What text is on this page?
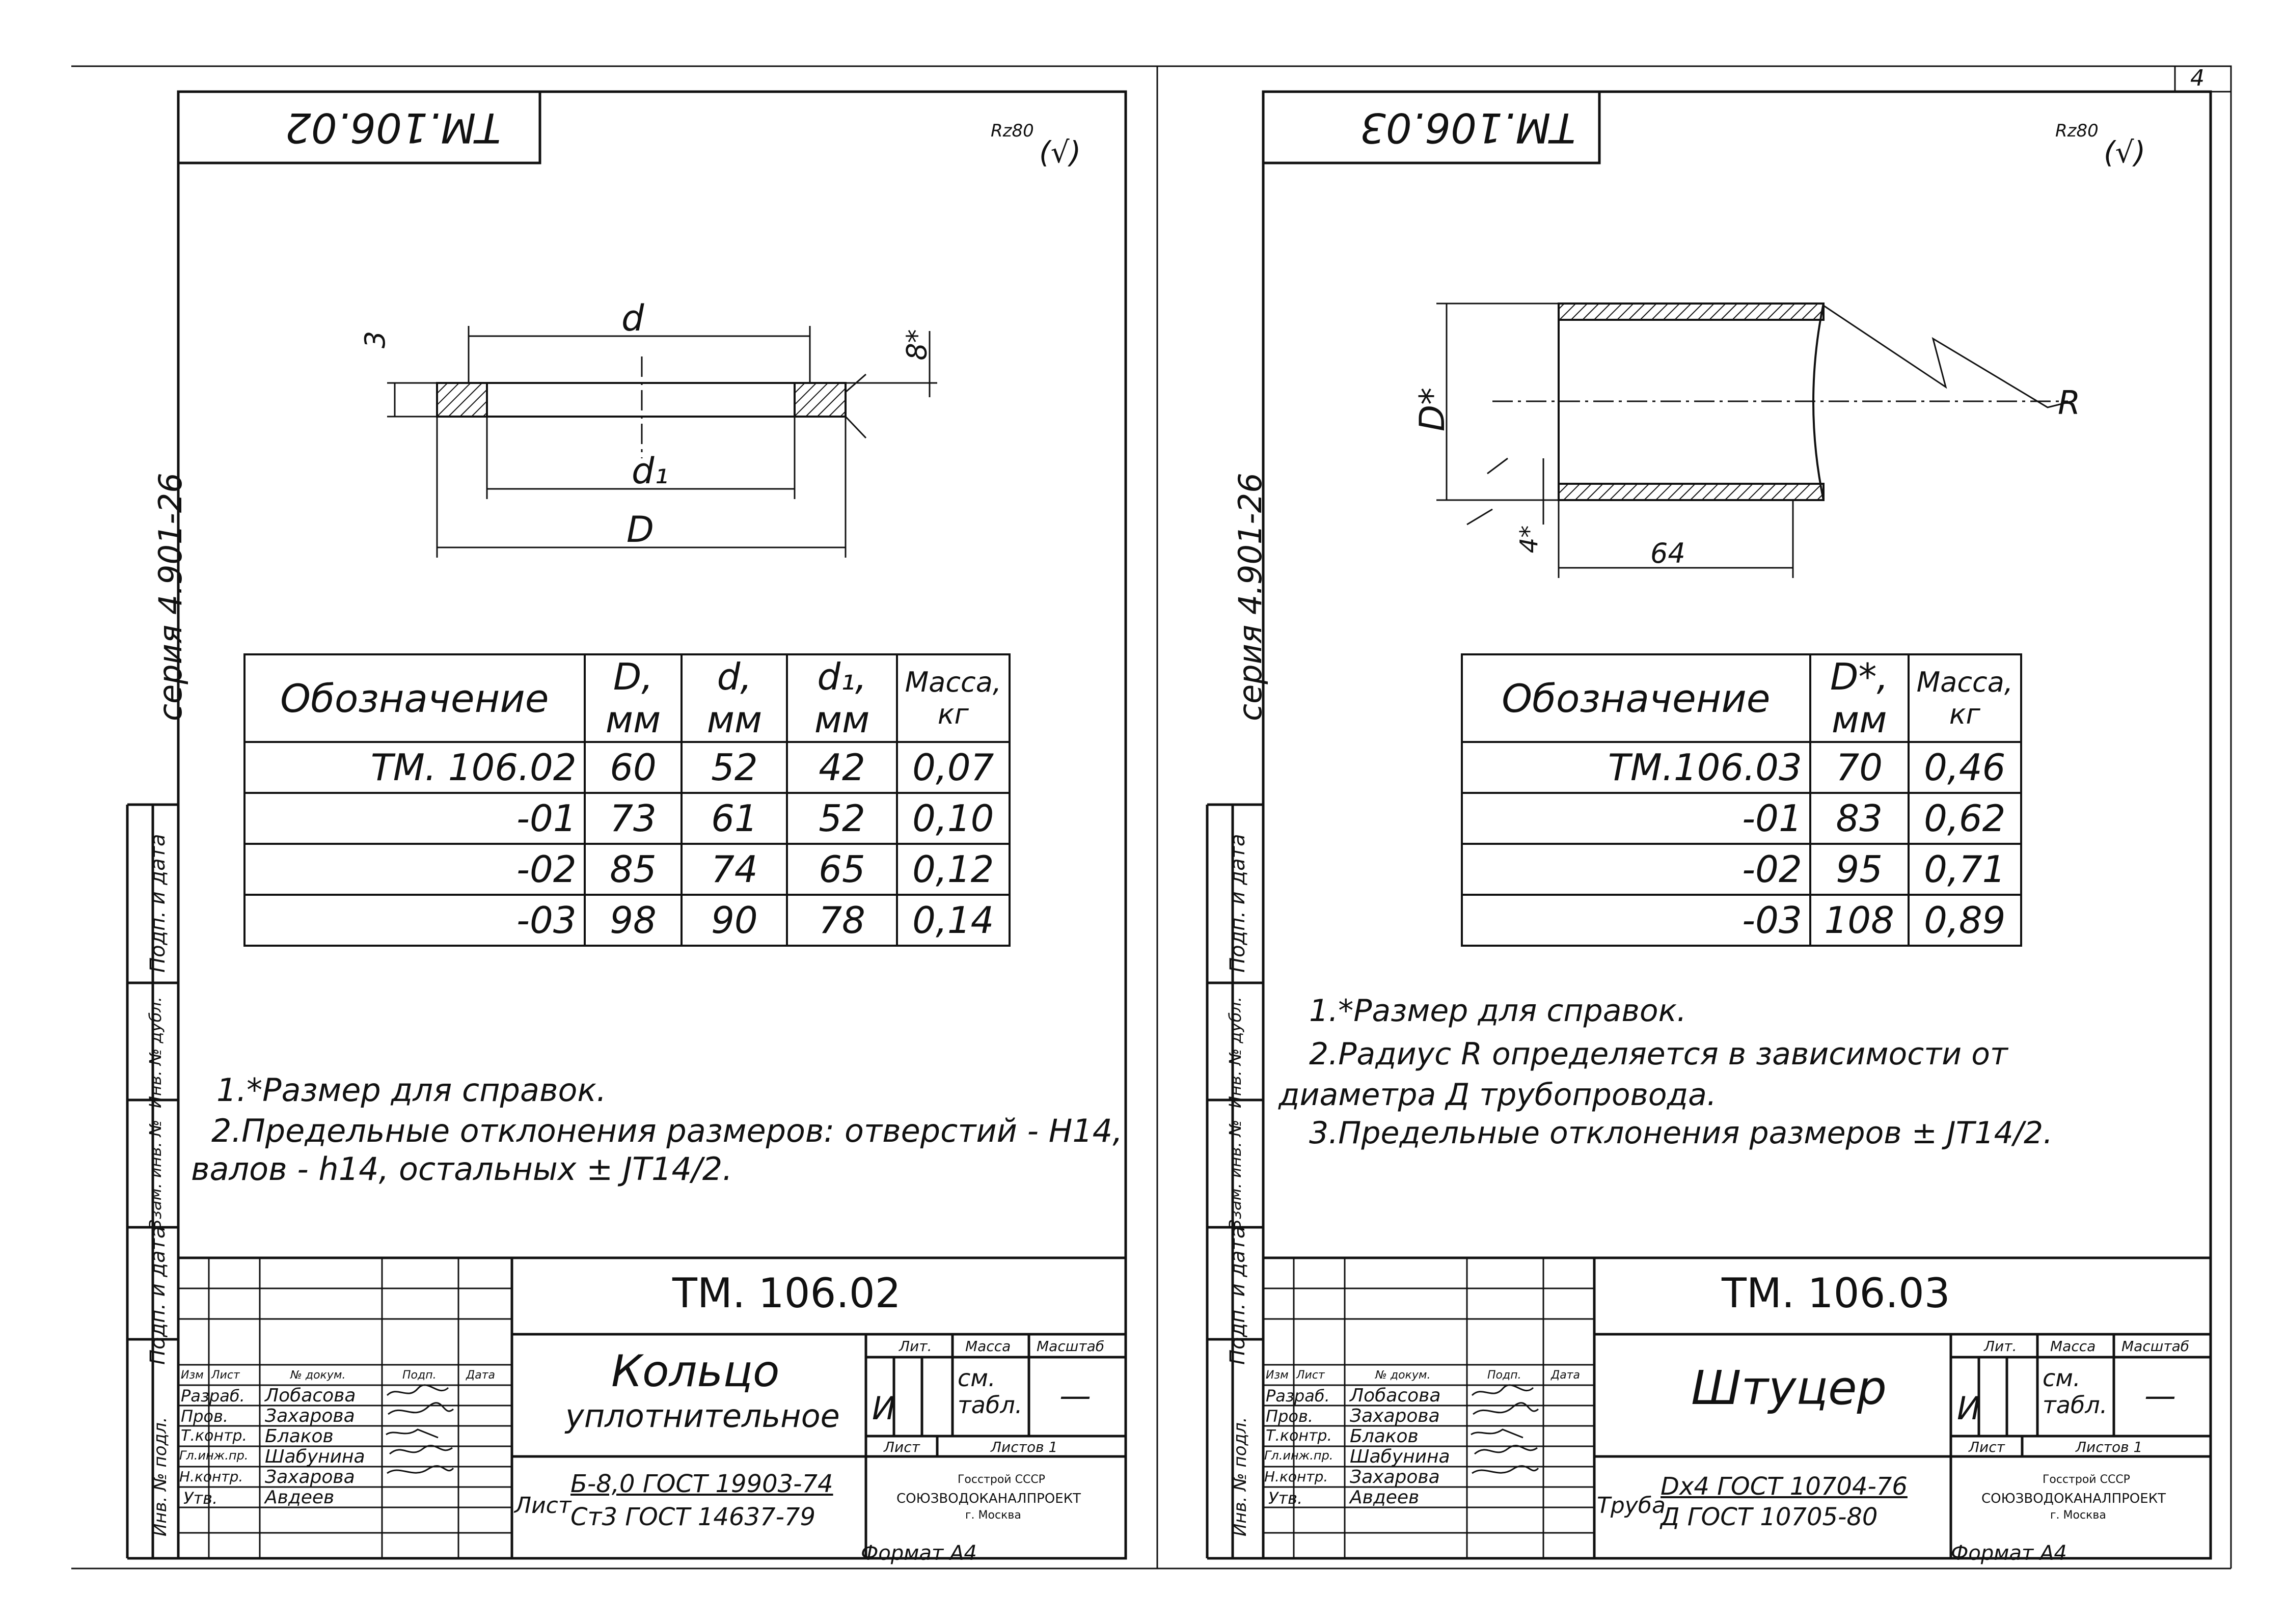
ТМ.106.02	Rz80
(√)
серия 4.901-26
d
d₁
D
3	8*
Обозначение	D, мм	d, мм	d₁, мм	Масса, кг
ТМ. 106.02	60	52	42	0,07
-01	73	61	52	0,10
-02	85	74	65	0,12
-03	98	90	78	0,14
1.*Размер для справок.
2.Предельные отклонения размеров: отверстий - Н14,
валов - h14, остальных ± JT14/2.
Инв. № подл.
Подп. и дата
Взам. инв. №
Инв. № дубл.
Подп. и дата
ТМ. 106.02
Кольцо
уплотнительное
Лит. Масса Масштаб
И
см. табл. —
Лист	Листов 1
Лист
Б-8,0 ГОСТ 19903-74
Ст3 ГОСТ 14637-79
Госстрой СССР
СОЮЗВОДОКАНАЛПРОЕКТ
г. Москва
Формат А4
Изм Лист	№ докум.	Подп.	Дата
Разраб. Лобасова
Пров. Захарова
Т.контр. Блаков
Гл.инж.пр. Шабунина
Н.контр. Захарова
Утв.	Авдеев
ТМ.106.03	Rz80
(√)
серия 4.901-26
4
D*
64
4*
R
Обозначение	D*, мм	Масса, кг
ТМ.106.03	70	0,46
-01	83	0,62
-02	95	0,71
-03	108	0,89
1.*Размер для справок.
2.Радиус R определяется в зависимости от
диаметра Д трубопровода.
3.Предельные отклонения размеров ± JT14/2.
Инв. № подл.
Подп. и дата
Взам. инв. №
Инв. № дубл.
Подп. и дата
ТМ. 106.03
Штуцер
Лит. Масса Масштаб
И
см. табл. —
Лист	Листов 1
Труба
Dх4 ГОСТ 10704-76
Д ГОСТ 10705-80
Госстрой СССР
СОЮЗВОДОКАНАЛПРОЕКТ
г. Москва
Формат А4
Изм Лист	№ докум.	Подп.	Дата
Разраб. Лобасова
Пров. Захарова
Т.контр. Блаков
Гл.инж.пр. Шабунина
Н.контр. Захарова
Утв.	Авдеев
